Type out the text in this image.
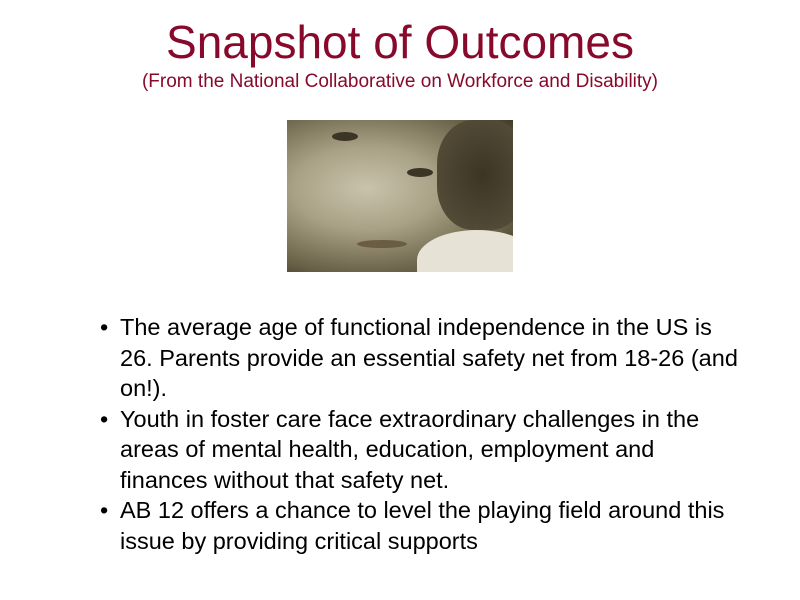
Snapshot of Outcomes
(From the National Collaborative on Workforce and Disability)
• The average age of functional independence in the US is 26. Parents provide an essential safety net from 18-26 (and on!).
• Youth in foster care face extraordinary challenges in the areas of mental health, education, employment and finances without that safety net.
• AB 12 offers a chance to level the playing field around this issue by providing critical supports
